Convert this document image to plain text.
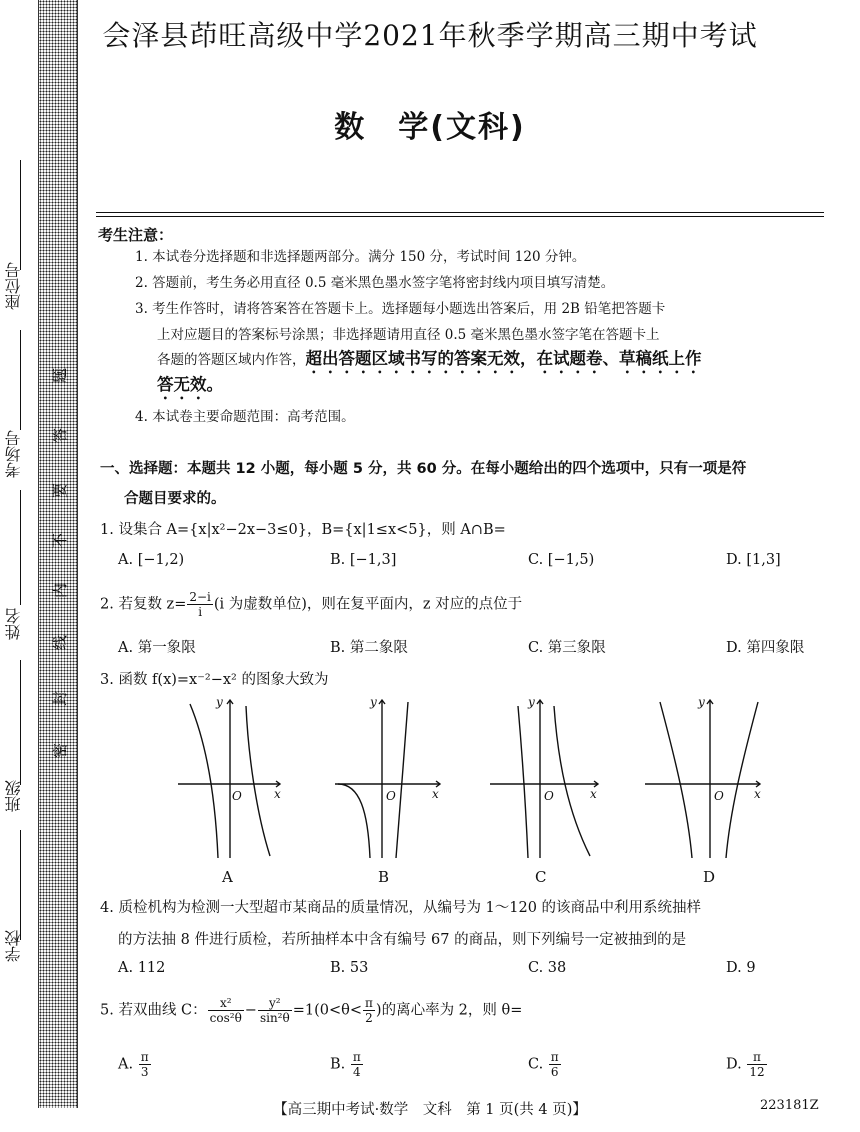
座位号
考场号
姓名
班级
学校
题
答
要
不
内
线
封
密
会泽县茚旺高级中学2021年秋季学期高三期中考试
数　学(文科)
考生注意：
1. 本试卷分选择题和非选择题两部分。满分 150 分，考试时间 120 分钟。
2. 答题前，考生务必用直径 0.5 毫米黑色墨水签字笔将密封线内项目填写清楚。
3. 考生作答时，请将答案答在答题卡上。选择题每小题选出答案后，用 2B 铅笔把答题卡
上对应题目的答案标号涂黑；非选择题请用直径 0.5 毫米黑色墨水签字笔在答题卡上
各题的答题区域内作答，超出答题区域书写的答案无效，在试题卷、草稿纸上作
答无效。
4. 本试卷主要命题范围：高考范围。
一、选择题：本题共 12 小题，每小题 5 分，共 60 分。在每小题给出的四个选项中，只有一项是符
合题目要求的。
1. 设集合 A={x|x²−2x−3≤0}，B={x|1≤x<5}，则 A∩B=
A. [−1,2)	B. [−1,3]	C. [−1,5)	D. [1,3]
2. 若复数 $z= \frac{2-i}{i} (i$ 为虚数单位)，则在复平面内，z 对应的点位于
A. 第一象限	B. 第二象限	C. 第三象限	D. 第四象限
3. 函数 f(x)=x⁻²−x² 的图象大致为
y
x
O
y
x
O
y
x
O
y
x
O
A	B	C	D
4. 质检机构为检测一大型超市某商品的质量情况，从编号为 1～120 的该商品中利用系统抽样
的方法抽 8 件进行质检，若所抽样本中含有编号 67 的商品，则下列编号一定被抽到的是
A. 112	B. 53	C. 38	D. 9
5. 若双曲线 C： $\frac{\text{x²}}{\text{cos²θ}} - \frac{\text{y²}}{\text{sin²θ}} =1(0<\theta< \frac{\pi}{2}$ )的离心率为 2，则 θ=
A. $\frac{\pi}{3}$	B. $\frac{\pi}{4}$	C. $\frac{\pi}{6}$	D. $\frac{\pi}{12}$
【高三期中考试·数学　文科　第 1 页(共 4 页)】	223181Z
